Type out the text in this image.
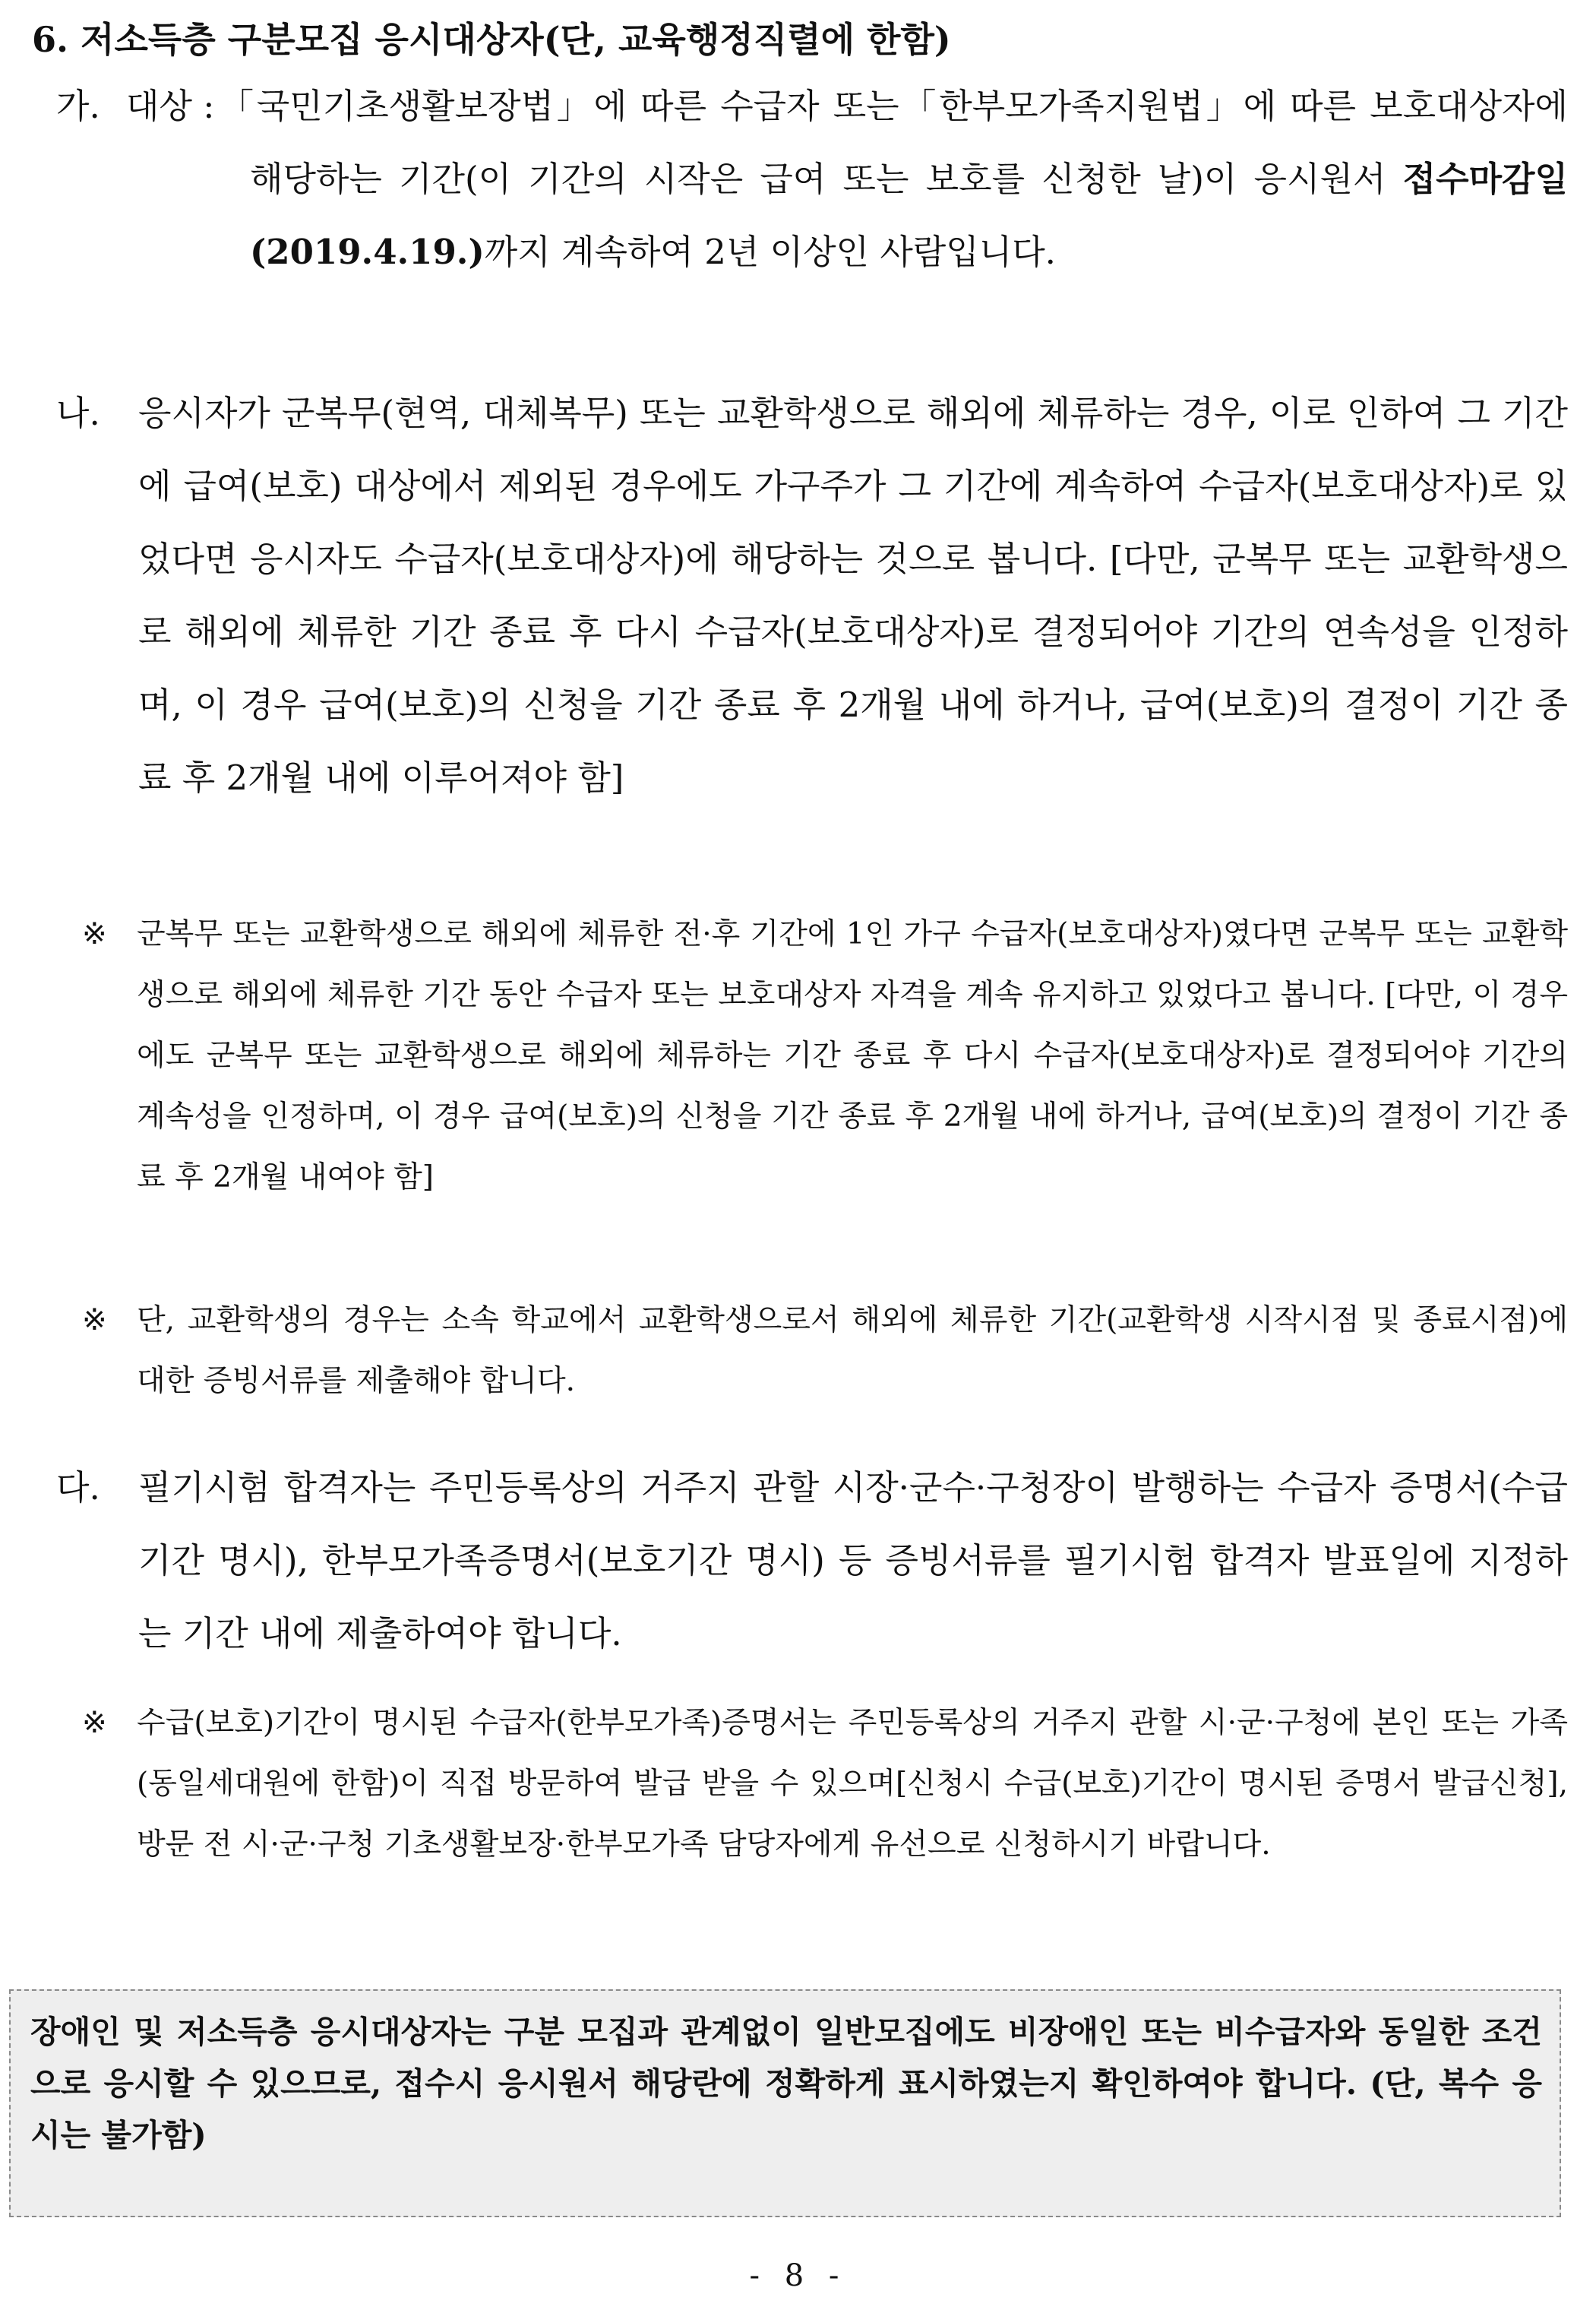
6. 저소득층 구분모집 응시대상자(단, 교육행정직렬에 한함)
가. 대상 : 「국민기초생활보장법」에 따른 수급자 또는「한부모가족지원법」에 따른 보호대상자에 해당하는 기간(이 기간의 시작은 급여 또는 보호를 신청한 날)이 응시원서 접수마감일(2019.4.19.)까지 계속하여 2년 이상인 사람입니다.
나. 응시자가 군복무(현역, 대체복무) 또는 교환학생으로 해외에 체류하는 경우, 이로 인하여 그 기간에 급여(보호) 대상에서 제외된 경우에도 가구주가 그 기간에 계속하여 수급자(보호대상자)로 있었다면 응시자도 수급자(보호대상자)에 해당하는 것으로 봅니다. [다만, 군복무 또는 교환학생으로 해외에 체류한 기간 종료 후 다시 수급자(보호대상자)로 결정되어야 기간의 연속성을 인정하며, 이 경우 급여(보호)의 신청을 기간 종료 후 2개월 내에 하거나, 급여(보호)의 결정이 기간 종료 후 2개월 내에 이루어져야 함]
※ 군복무 또는 교환학생으로 해외에 체류한 전·후 기간에 1인 가구 수급자(보호대상자)였다면 군복무 또는 교환학생으로 해외에 체류한 기간 동안 수급자 또는 보호대상자 자격을 계속 유지하고 있었다고 봅니다. [다만, 이 경우에도 군복무 또는 교환학생으로 해외에 체류하는 기간 종료 후 다시 수급자(보호대상자)로 결정되어야 기간의 계속성을 인정하며, 이 경우 급여(보호)의 신청을 기간 종료 후 2개월 내에 하거나, 급여(보호)의 결정이 기간 종료 후 2개월 내여야 함]
※ 단, 교환학생의 경우는 소속 학교에서 교환학생으로서 해외에 체류한 기간(교환학생 시작시점 및 종료시점)에 대한 증빙서류를 제출해야 합니다.
다. 필기시험 합격자는 주민등록상의 거주지 관할 시장·군수·구청장이 발행하는 수급자 증명서(수급기간 명시), 한부모가족증명서(보호기간 명시) 등 증빙서류를 필기시험 합격자 발표일에 지정하는 기간 내에 제출하여야 합니다.
※ 수급(보호)기간이 명시된 수급자(한부모가족)증명서는 주민등록상의 거주지 관할 시·군·구청에 본인 또는 가족(동일세대원에 한함)이 직접 방문하여 발급 받을 수 있으며[신청시 수급(보호)기간이 명시된 증명서 발급신청], 방문 전 시·군·구청 기초생활보장·한부모가족 담당자에게 유선으로 신청하시기 바랍니다.
장애인 및 저소득층 응시대상자는 구분 모집과 관계없이 일반모집에도 비장애인 또는 비수급자와 동일한 조건으로 응시할 수 있으므로, 접수시 응시원서 해당란에 정확하게 표시하였는지 확인하여야 합니다. (단, 복수 응시는 불가함)
- 8 -
